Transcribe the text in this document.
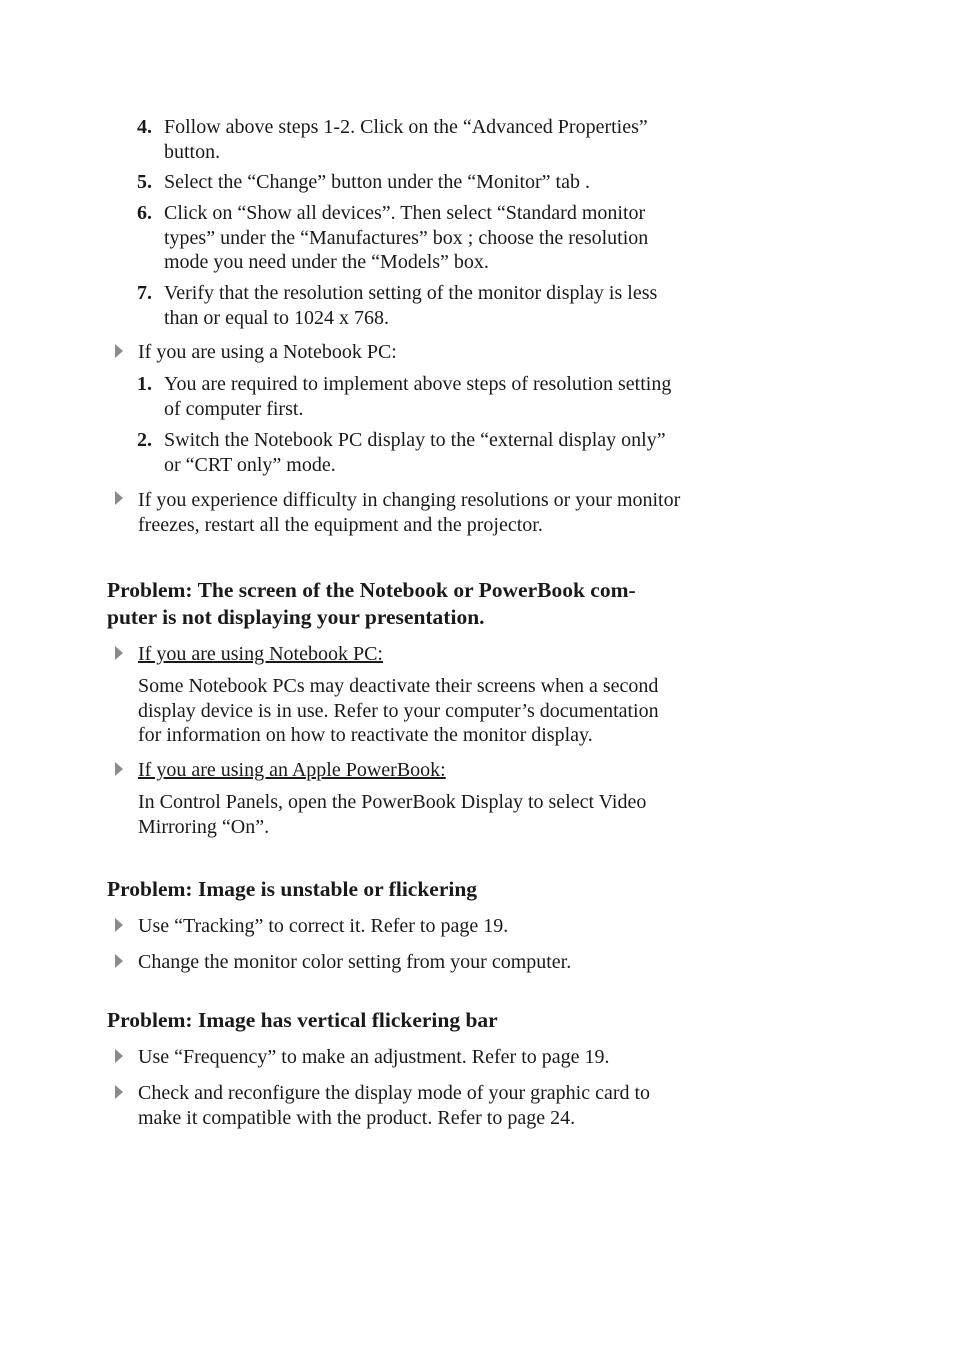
4. Follow above steps 1-2. Click on the “Advanced Properties”
button.
5. Select the “Change” button under the “Monitor” tab .
6. Click on “Show all devices”. Then select “Standard monitor
types” under the “Manufactures” box ; choose the resolution
mode you need under the “Models” box.
7. Verify that the resolution setting of the monitor display is less
than or equal to 1024 x 768.
If you are using a Notebook PC:
1. You are required to implement above steps of resolution setting
of computer first.
2. Switch the Notebook PC display to the “external display only”
or “CRT only” mode.
If you experience difficulty in changing resolutions or your monitor
freezes, restart all the equipment and the projector.
Problem: The screen of the Notebook or PowerBook com-
puter is not displaying your presentation.
If you are using Notebook PC:
Some Notebook PCs may deactivate their screens when a second
display device is in use. Refer to your computer’s documentation
for information on how to reactivate the monitor display.
If you are using an Apple PowerBook:
In Control Panels, open the PowerBook Display to select Video
Mirroring “On”.
Problem: Image is unstable or flickering
Use “Tracking” to correct it. Refer to page 19.
Change the monitor color setting from your computer.
Problem: Image has vertical flickering bar
Use “Frequency” to make an adjustment. Refer to page 19.
Check and reconfigure the display mode of your graphic card to
make it compatible with the product. Refer to page 24.
